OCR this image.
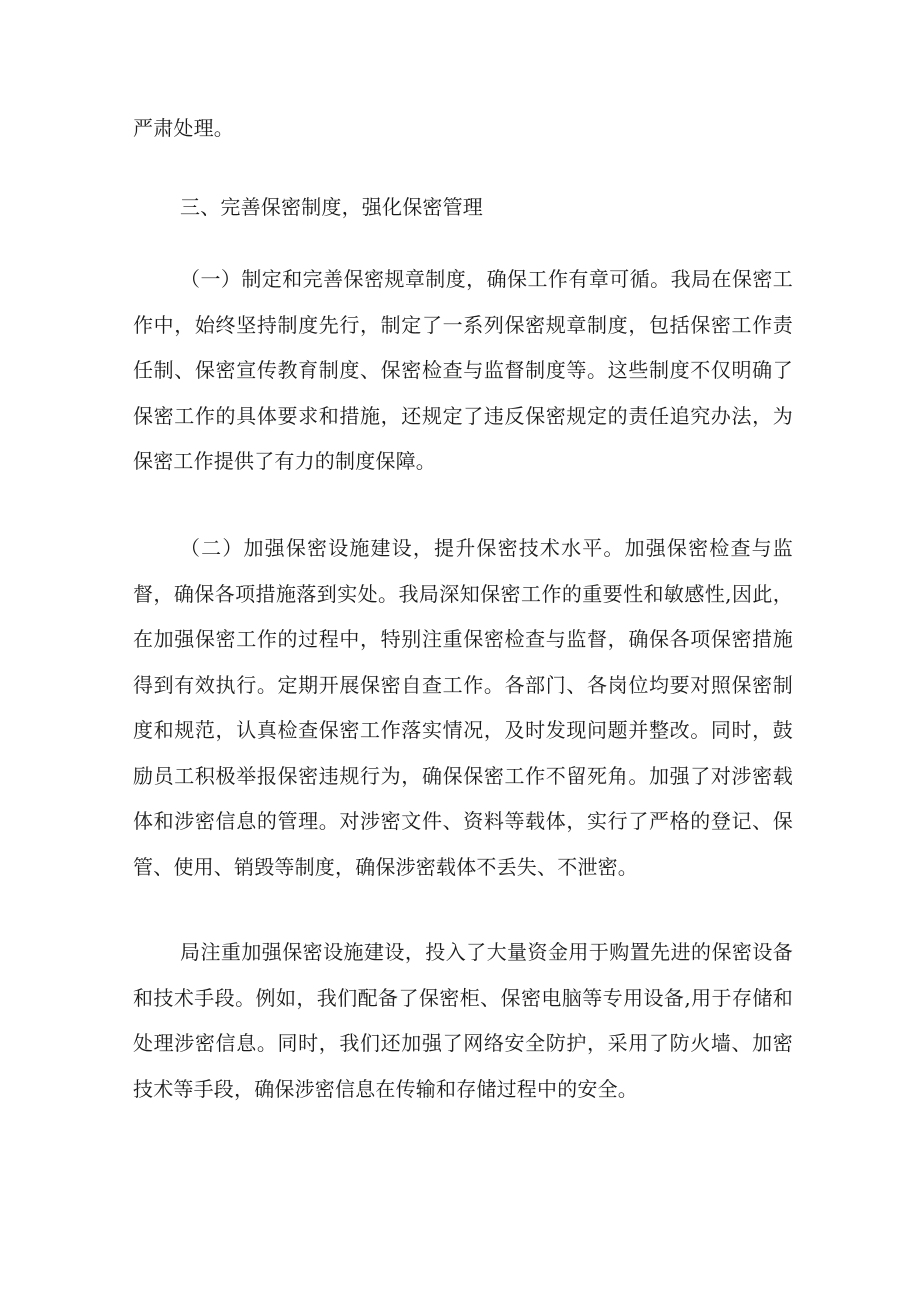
严肃处理。

三、完善保密制度，强化保密管理

（一）制定和完善保密规章制度，确保工作有章可循。我局在保密工作中，始终坚持制度先行，制定了一系列保密规章制度，包括保密工作责任制、保密宣传教育制度、保密检查与监督制度等。这些制度不仅明确了保密工作的具体要求和措施，还规定了违反保密规定的责任追究办法，为保密工作提供了有力的制度保障。

（二）加强保密设施建设，提升保密技术水平。加强保密检查与监督，确保各项措施落到实处。我局深知保密工作的重要性和敏感性,因此，在加强保密工作的过程中，特别注重保密检查与监督，确保各项保密措施得到有效执行。定期开展保密自查工作。各部门、各岗位均要对照保密制度和规范，认真检查保密工作落实情况，及时发现问题并整改。同时，鼓励员工积极举报保密违规行为，确保保密工作不留死角。加强了对涉密载体和涉密信息的管理。对涉密文件、资料等载体，实行了严格的登记、保管、使用、销毁等制度，确保涉密载体不丢失、不泄密。

局注重加强保密设施建设，投入了大量资金用于购置先进的保密设备和技术手段。例如，我们配备了保密柜、保密电脑等专用设备,用于存储和处理涉密信息。同时，我们还加强了网络安全防护，采用了防火墙、加密技术等手段，确保涉密信息在传输和存储过程中的安全。
